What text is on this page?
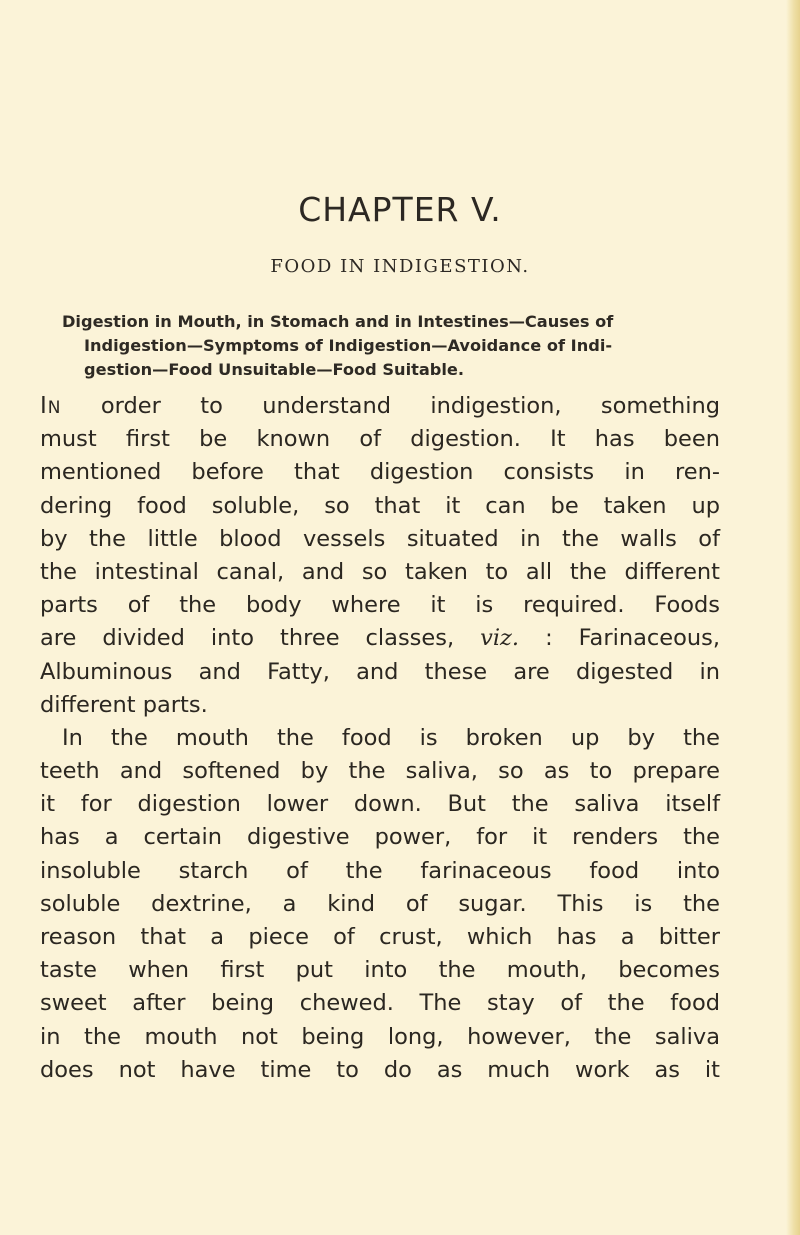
CHAPTER V.
FOOD IN INDIGESTION.
Digestion in Mouth, in Stomach and in Intestines—Causes of
Indigestion—Symptoms of Indigestion—Avoidance of Indi-
gestion—Food Unsuitable—Food Suitable.
IN order to understand indigestion, something
must first be known of digestion. It has been
mentioned before that digestion consists in ren-
dering food soluble, so that it can be taken up
by the little blood vessels situated in the walls of
the intestinal canal, and so taken to all the different
parts of the body where it is required. Foods
are divided into three classes, viz. : Farinaceous,
Albuminous and Fatty, and these are digested in
different parts.
In the mouth the food is broken up by the
teeth and softened by the saliva, so as to prepare
it for digestion lower down. But the saliva itself
has a certain digestive power, for it renders the
insoluble starch of the farinaceous food into
soluble dextrine, a kind of sugar. This is the
reason that a piece of crust, which has a bitter
taste when first put into the mouth, becomes
sweet after being chewed. The stay of the food
in the mouth not being long, however, the saliva
does not have time to do as much work as it
